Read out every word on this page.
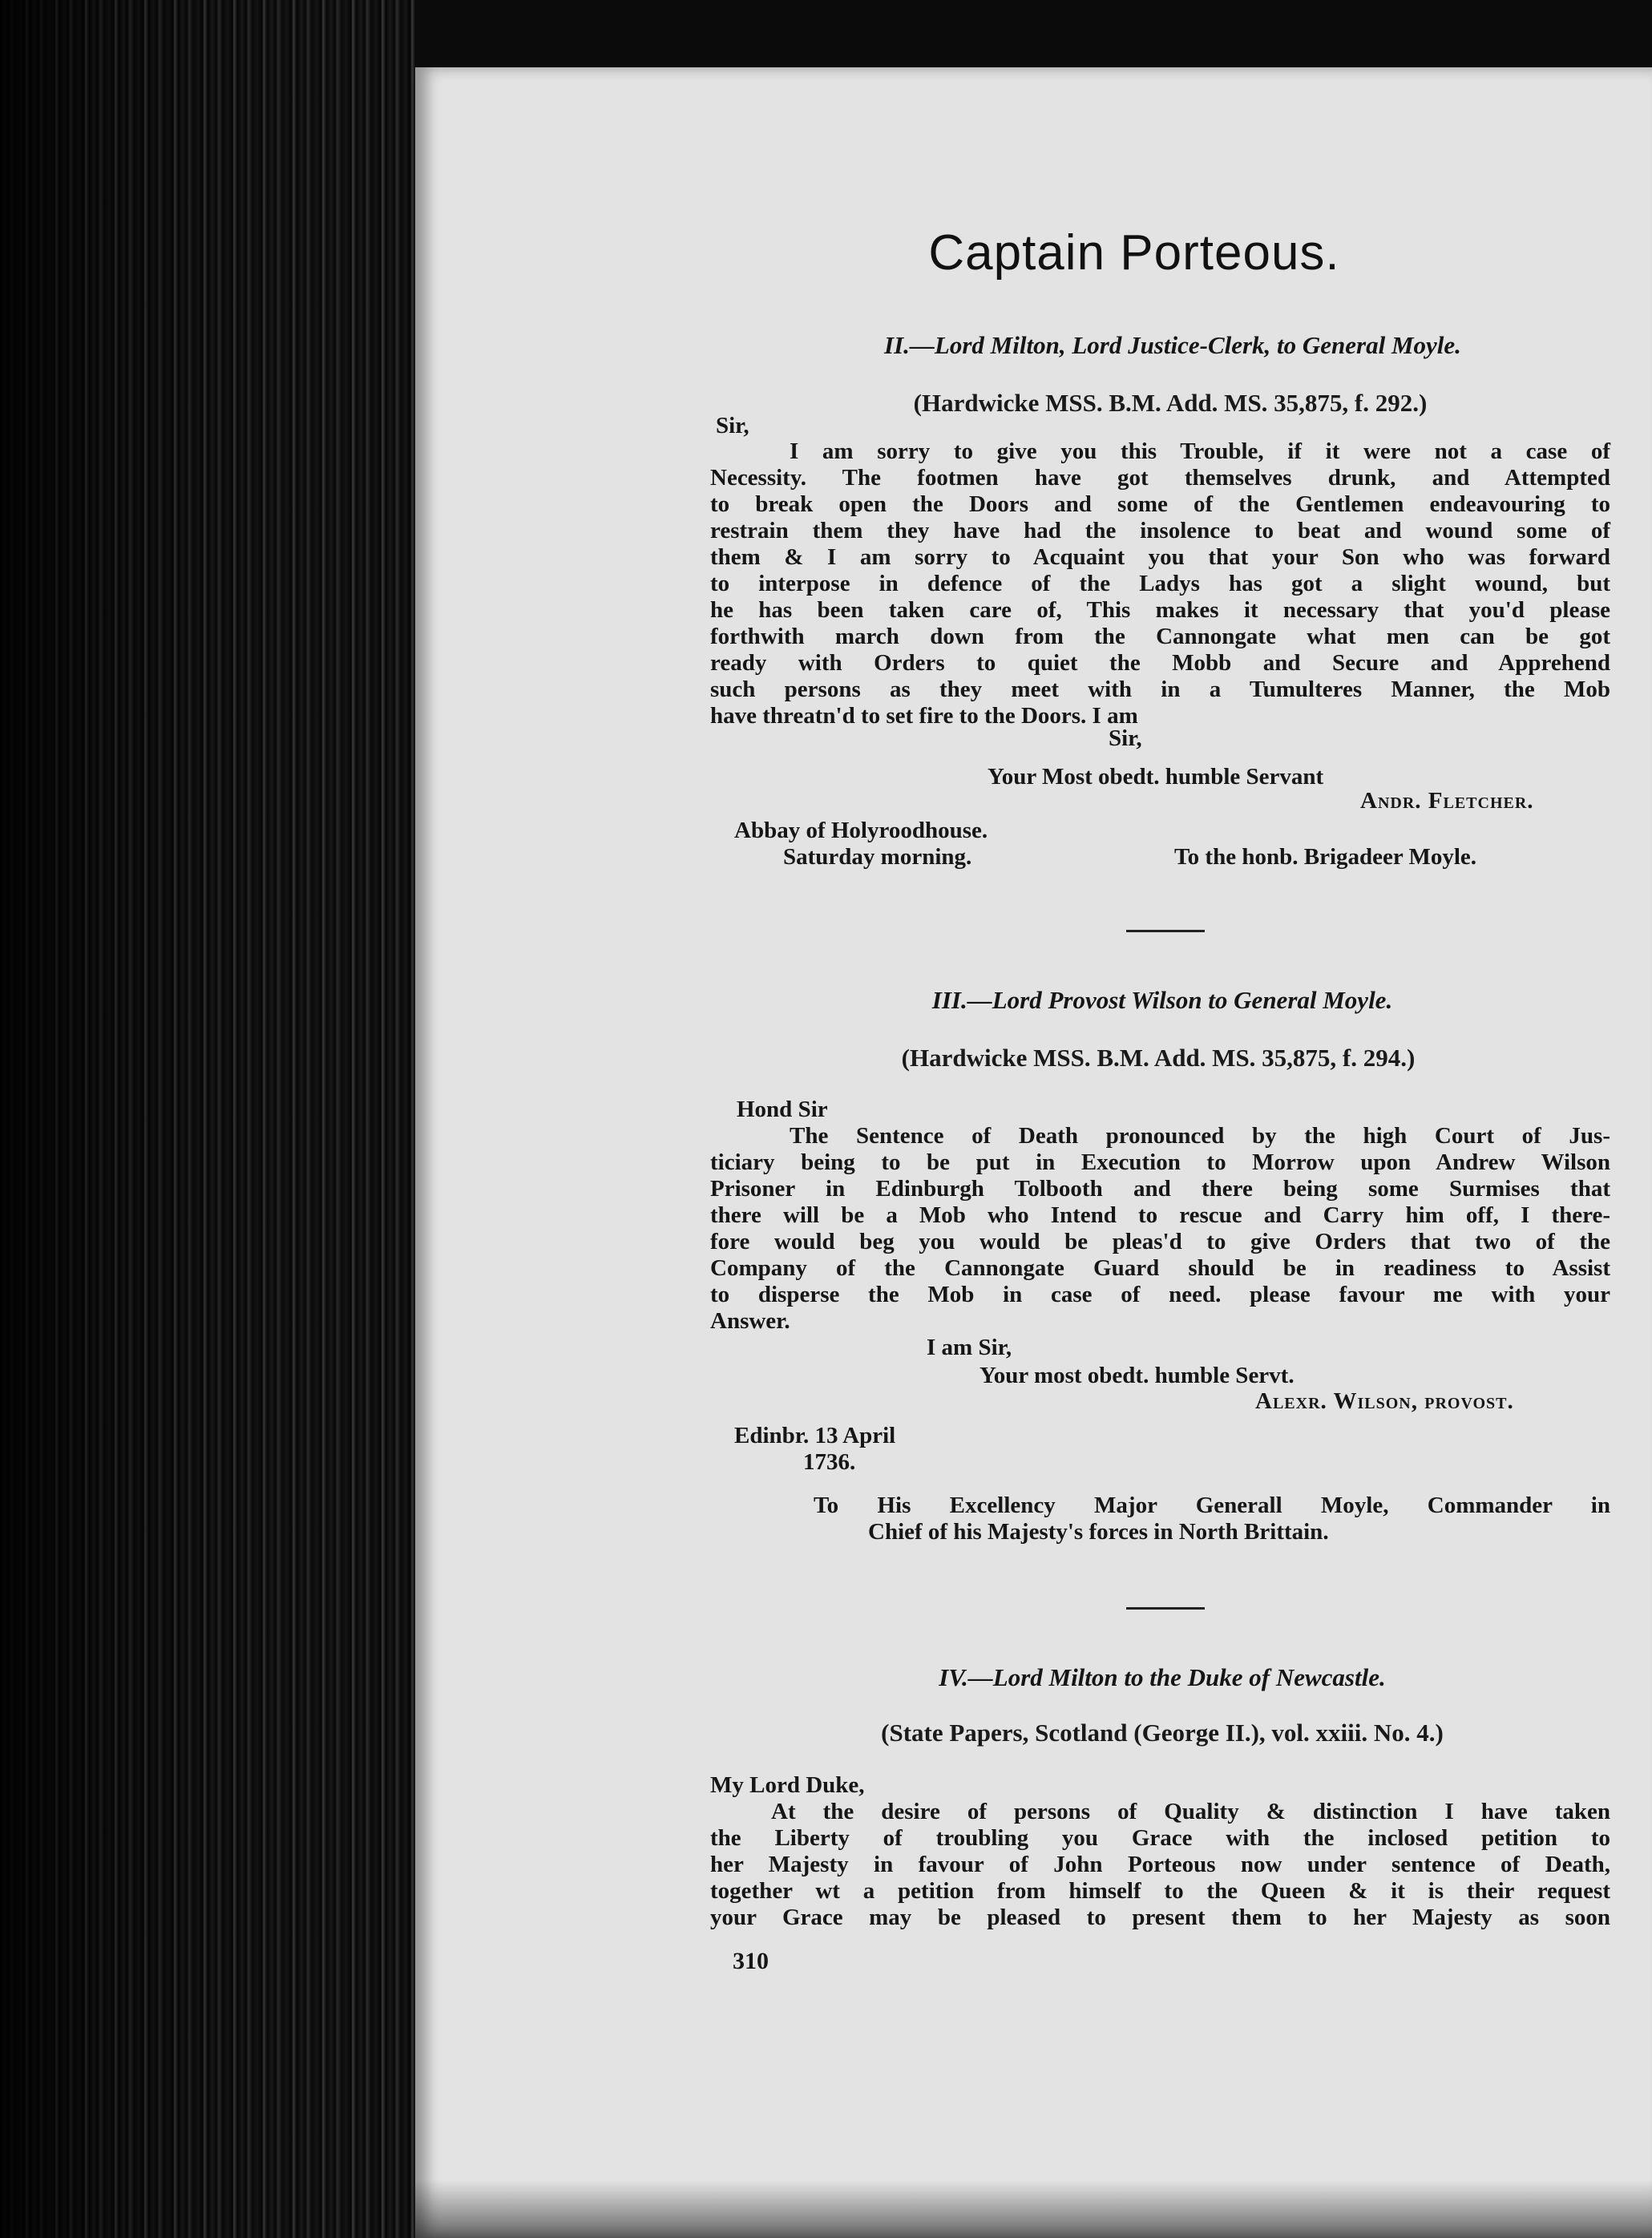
Captain Porteous.
II.—Lord Milton, Lord Justice-Clerk, to General Moyle.
(Hardwicke MSS. B.M. Add. MS. 35,875, f. 292.)
Sir,
I am sorry to give you this Trouble, if it were not a case of
Necessity. The footmen have got themselves drunk, and Attempted
to break open the Doors and some of the Gentlemen endeavouring to
restrain them they have had the insolence to beat and wound some of
them & I am sorry to Acquaint you that your Son who was forward
to interpose in defence of the Ladys has got a slight wound, but
he has been taken care of, This makes it necessary that you'd please
forthwith march down from the Cannongate what men can be got
ready with Orders to quiet the Mobb and Secure and Apprehend
such persons as they meet with in a Tumulteres Manner, the Mob
have threatn'd to set fire to the Doors. I am
Sir,
Your Most obedt. humble Servant
Andr. Fletcher.
Abbay of Holyroodhouse.
Saturday morning.	To the honb. Brigadeer Moyle.
III.—Lord Provost Wilson to General Moyle.
(Hardwicke MSS. B.M. Add. MS. 35,875, f. 294.)
Hond Sir
The Sentence of Death pronounced by the high Court of Jus-
ticiary being to be put in Execution to Morrow upon Andrew Wilson
Prisoner in Edinburgh Tolbooth and there being some Surmises that
there will be a Mob who Intend to rescue and Carry him off, I there-
fore would beg you would be pleas'd to give Orders that two of the
Company of the Cannongate Guard should be in readiness to Assist
to disperse the Mob in case of need. please favour me with your
Answer.
I am Sir,
Your most obedt. humble Servt.
Alexr. Wilson, provost.
Edinbr. 13 April
1736.
To His Excellency Major Generall Moyle, Commander in
Chief of his Majesty's forces in North Brittain.
IV.—Lord Milton to the Duke of Newcastle.
(State Papers, Scotland (George II.), vol. xxiii. No. 4.)
My Lord Duke,
At the desire of persons of Quality & distinction I have taken
the Liberty of troubling you Grace with the inclosed petition to
her Majesty in favour of John Porteous now under sentence of Death,
together wt a petition from himself to the Queen & it is their request
your Grace may be pleased to present them to her Majesty as soon
310
